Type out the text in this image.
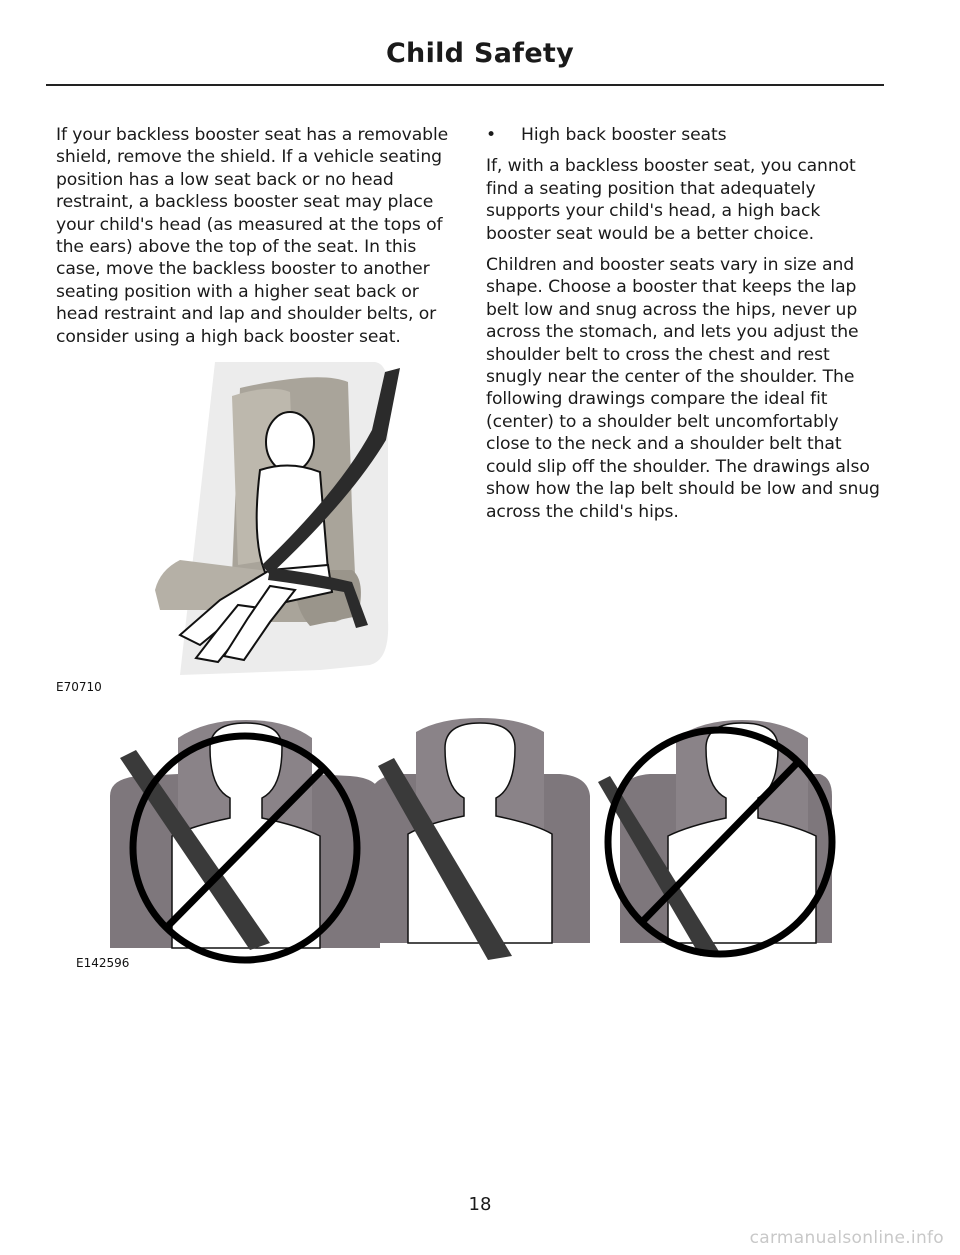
Child Safety

If your backless booster seat has a removable shield, remove the shield. If a vehicle seating position has a low seat back or no head restraint, a backless booster seat may place your child's head (as measured at the tops of the ears) above the top of the seat. In this case, move the backless booster to another seating position with a higher seat back or head restraint and lap and shoulder belts, or consider using a high back booster seat.

•	High back booster seats

If, with a backless booster seat, you cannot find a seating position that adequately supports your child's head, a high back booster seat would be a better choice.

Children and booster seats vary in size and shape. Choose a booster that keeps the lap belt low and snug across the hips, never up across the stomach, and lets you adjust the shoulder belt to cross the chest and rest snugly near the center of the shoulder. The following drawings compare the ideal fit (center) to a shoulder belt uncomfortably close to the neck and a shoulder belt that could slip off the shoulder. The drawings also show how the lap belt should be low and snug across the child's hips.

E70710
E142596
18
carmanualsonline.info
